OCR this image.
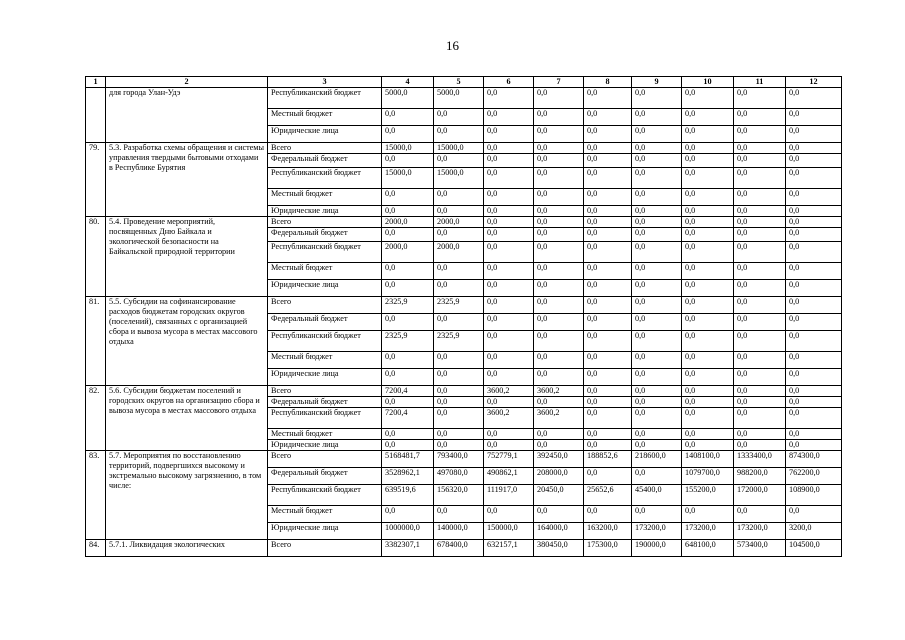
16
1	2	3	4	5	6	7	8	9	10	11	12
	для города Улан-Удэ	Республиканский бюджет	5000,0	5000,0	0,0	0,0	0,0	0,0	0,0	0,0	0,0
		Местный бюджет	0,0	0,0	0,0	0,0	0,0	0,0	0,0	0,0	0,0
		Юридические лица	0,0	0,0	0,0	0,0	0,0	0,0	0,0	0,0	0,0
79.	5.3. Разработка схемы обращения и системы управления твердыми бытовыми отходами в Республике Бурятия	Всего	15000,0	15000,0	0,0	0,0	0,0	0,0	0,0	0,0	0,0
		Федеральный бюджет	0,0	0,0	0,0	0,0	0,0	0,0	0,0	0,0	0,0
		Республиканский бюджет	15000,0	15000,0	0,0	0,0	0,0	0,0	0,0	0,0	0,0
		Местный бюджет	0,0	0,0	0,0	0,0	0,0	0,0	0,0	0,0	0,0
		Юридические лица	0,0	0,0	0,0	0,0	0,0	0,0	0,0	0,0	0,0
80.	5.4. Проведение мероприятий, посвященных Дню Байкала и экологической безопасности на Байкальской природной территории	Всего	2000,0	2000,0	0,0	0,0	0,0	0,0	0,0	0,0	0,0
		Федеральный бюджет	0,0	0,0	0,0	0,0	0,0	0,0	0,0	0,0	0,0
		Республиканский бюджет	2000,0	2000,0	0,0	0,0	0,0	0,0	0,0	0,0	0,0
		Местный бюджет	0,0	0,0	0,0	0,0	0,0	0,0	0,0	0,0	0,0
		Юридические лица	0,0	0,0	0,0	0,0	0,0	0,0	0,0	0,0	0,0
81.	5.5. Субсидии на софинансирование расходов бюджетам городских округов (поселений), связанных с организацией сбора и вывоза мусора в местах массового отдыха	Всего	2325,9	2325,9	0,0	0,0	0,0	0,0	0,0	0,0	0,0
		Федеральный бюджет	0,0	0,0	0,0	0,0	0,0	0,0	0,0	0,0	0,0
		Республиканский бюджет	2325,9	2325,9	0,0	0,0	0,0	0,0	0,0	0,0	0,0
		Местный бюджет	0,0	0,0	0,0	0,0	0,0	0,0	0,0	0,0	0,0
		Юридические лица	0,0	0,0	0,0	0,0	0,0	0,0	0,0	0,0	0,0
82.	5.6. Субсидии бюджетам поселений и городских округов на организацию сбора и вывоза мусора в местах массового отдыха	Всего	7200,4	0,0	3600,2	3600,2	0,0	0,0	0,0	0,0	0,0
		Федеральный бюджет	0,0	0,0	0,0	0,0	0,0	0,0	0,0	0,0	0,0
		Республиканский бюджет	7200,4	0,0	3600,2	3600,2	0,0	0,0	0,0	0,0	0,0
		Местный бюджет	0,0	0,0	0,0	0,0	0,0	0,0	0,0	0,0	0,0
		Юридические лица	0,0	0,0	0,0	0,0	0,0	0,0	0,0	0,0	0,0
83.	5.7. Мероприятия по восстановлению территорий, подвергшихся высокому и экстремально высокому загрязнению, в том числе:	Всего	5168481,7	793400,0	752779,1	392450,0	188852,6	218600,0	1408100,0	1333400,0	874300,0
		Федеральный бюджет	3528962,1	497080,0	490862,1	208000,0	0,0	0,0	1079700,0	988200,0	762200,0
		Республиканский бюджет	639519,6	156320,0	111917,0	20450,0	25652,6	45400,0	155200,0	172000,0	108900,0
		Местный бюджет	0,0	0,0	0,0	0,0	0,0	0,0	0,0	0,0	0,0
		Юридические лица	1000000,0	140000,0	150000,0	164000,0	163200,0	173200,0	173200,0	173200,0	3200,0
84.	5.7.1. Ликвидация экологических	Всего	3382307,1	678400,0	632157,1	380450,0	175300,0	190000,0	648100,0	573400,0	104500,0
